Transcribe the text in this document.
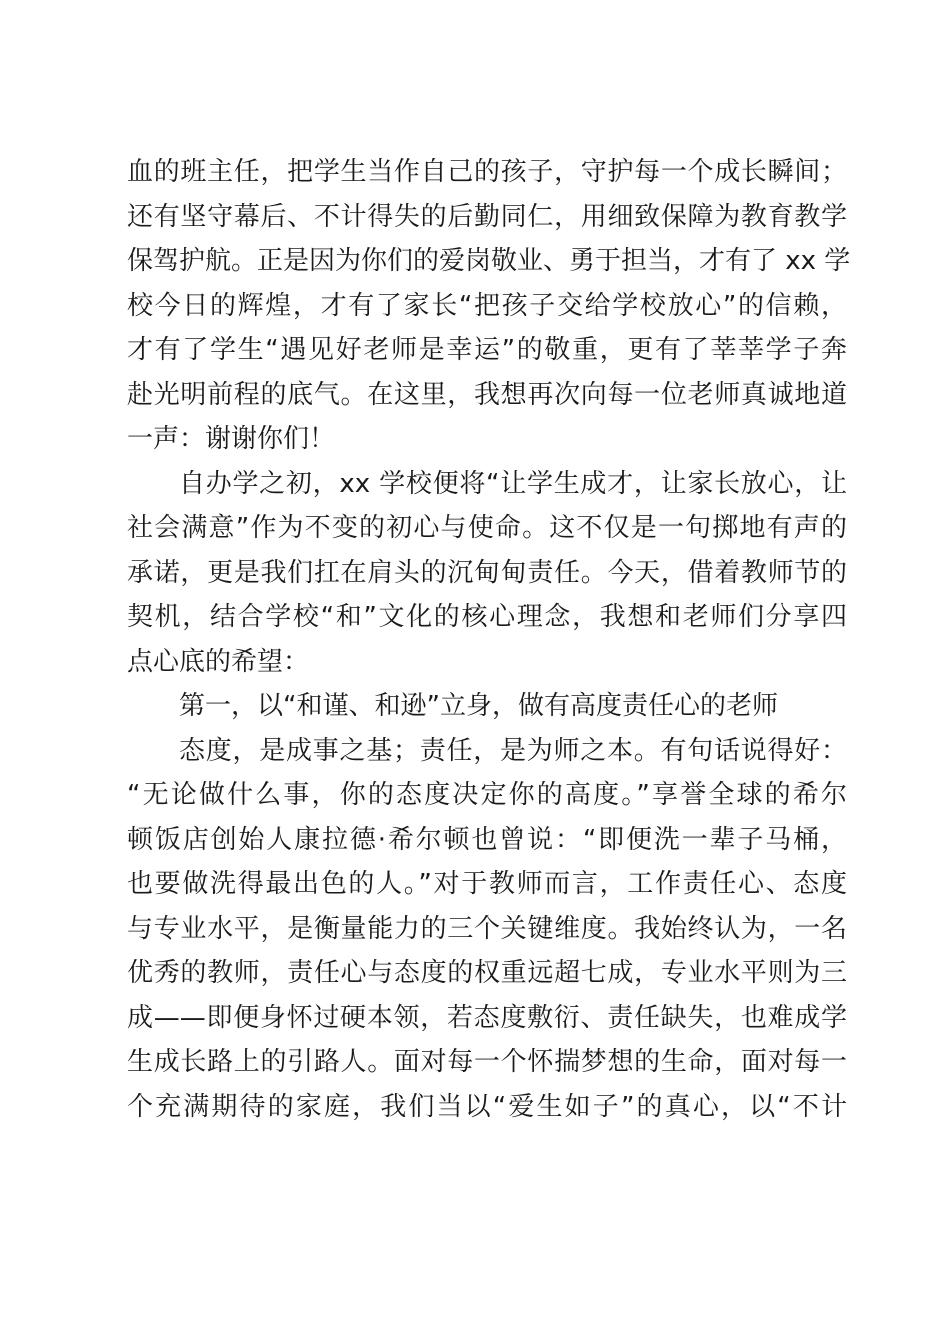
血的班主任，把学生当作自己的孩子，守护每一个成长瞬间；
还有坚守幕后、不计得失的后勤同仁，用细致保障为教育教学
保驾护航。正是因为你们的爱岗敬业、勇于担当，才有了 xx 学
校今日的辉煌，才有了家长“把孩子交给学校放心”的信赖，
才有了学生“遇见好老师是幸运”的敬重，更有了莘莘学子奔
赴光明前程的底气。在这里，我想再次向每一位老师真诚地道
一声：谢谢你们！
自办学之初，xx 学校便将“让学生成才，让家长放心，让
社会满意”作为不变的初心与使命。这不仅是一句掷地有声的
承诺，更是我们扛在肩头的沉甸甸责任。今天，借着教师节的
契机，结合学校“和”文化的核心理念，我想和老师们分享四
点心底的希望：
第一，以“和谨、和逊”立身，做有高度责任心的老师
态度，是成事之基；责任，是为师之本。有句话说得好：
“无论做什么事，你的态度决定你的高度。”享誉全球的希尔
顿饭店创始人康拉德·希尔顿也曾说：“即便洗一辈子马桶，
也要做洗得最出色的人。”对于教师而言，工作责任心、态度
与专业水平，是衡量能力的三个关键维度。我始终认为，一名
优秀的教师，责任心与态度的权重远超七成，专业水平则为三
成——即便身怀过硬本领，若态度敷衍、责任缺失，也难成学
生成长路上的引路人。面对每一个怀揣梦想的生命，面对每一
个充满期待的家庭，我们当以“爱生如子”的真心，以“不计
